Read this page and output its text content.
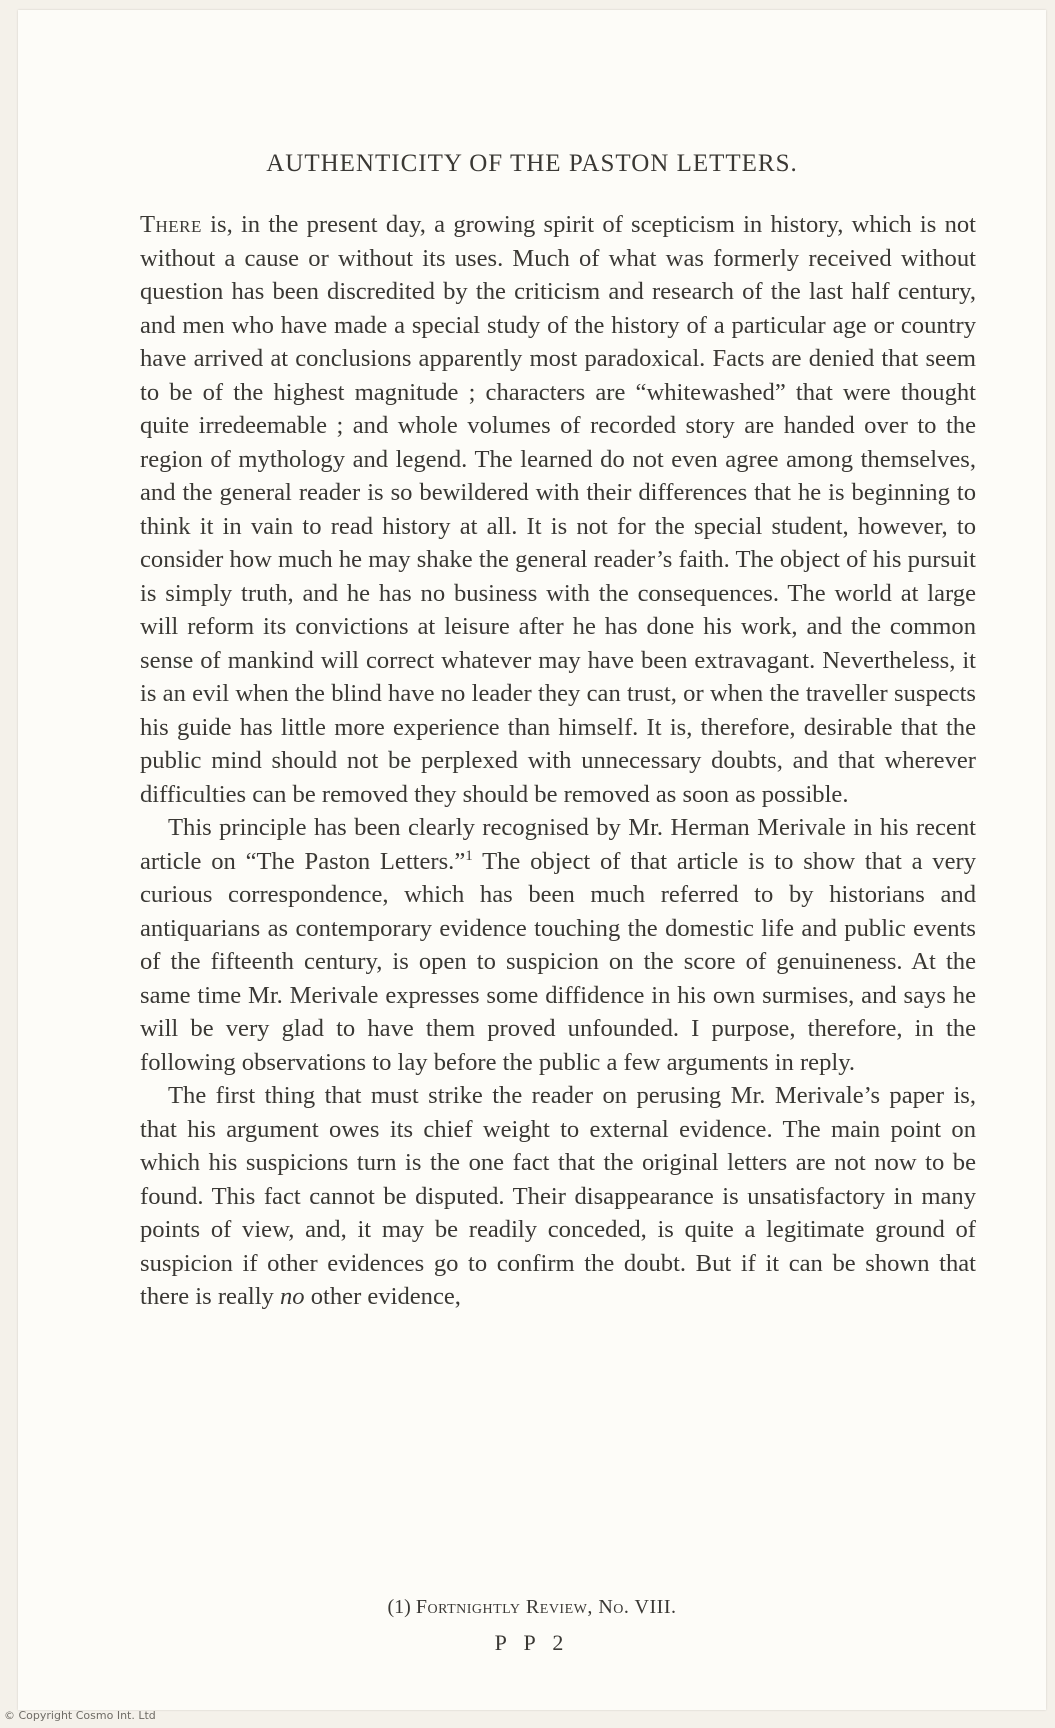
AUTHENTICITY OF THE PASTON LETTERS.

There is, in the present day, a growing spirit of scepticism in history, which is not without a cause or without its uses. Much of what was formerly received without question has been discredited by the criticism and research of the last half century, and men who have made a special study of the history of a particular age or country have arrived at conclusions apparently most paradoxical. Facts are denied that seem to be of the highest magnitude ; characters are “whitewashed” that were thought quite irredeemable ; and whole volumes of recorded story are handed over to the region of mythology and legend. The learned do not even agree among themselves, and the general reader is so bewildered with their differences that he is beginning to think it in vain to read history at all. It is not for the special student, however, to consider how much he may shake the general reader’s faith. The object of his pursuit is simply truth, and he has no business with the consequences. The world at large will reform its convictions at leisure after he has done his work, and the common sense of mankind will correct whatever may have been extravagant. Nevertheless, it is an evil when the blind have no leader they can trust, or when the traveller suspects his guide has little more experience than himself. It is, therefore, desirable that the public mind should not be perplexed with unnecessary doubts, and that wherever difficulties can be removed they should be removed as soon as possible.

This principle has been clearly recognised by Mr. Herman Merivale in his recent article on “The Paston Letters.”$^1$ The object of that article is to show that a very curious correspondence, which has been much referred to by historians and antiquarians as contemporary evidence touching the domestic life and public events of the fifteenth century, is open to suspicion on the score of genuineness. At the same time Mr. Merivale expresses some diffidence in his own surmises, and says he will be very glad to have them proved unfounded. I purpose, therefore, in the following observations to lay before the public a few arguments in reply.

The first thing that must strike the reader on perusing Mr. Merivale’s paper is, that his argument owes its chief weight to external evidence. The main point on which his suspicions turn is the one fact that the original letters are not now to be found. This fact cannot be disputed. Their disappearance is unsatisfactory in many points of view, and, it may be readily conceded, is quite a legitimate ground of suspicion if other evidences go to confirm the doubt. But if it can be shown that there is really no other evidence,

(1) Fortnightly Review, No. VIII.
P P 2
© Copyright Cosmo Int. Ltd
